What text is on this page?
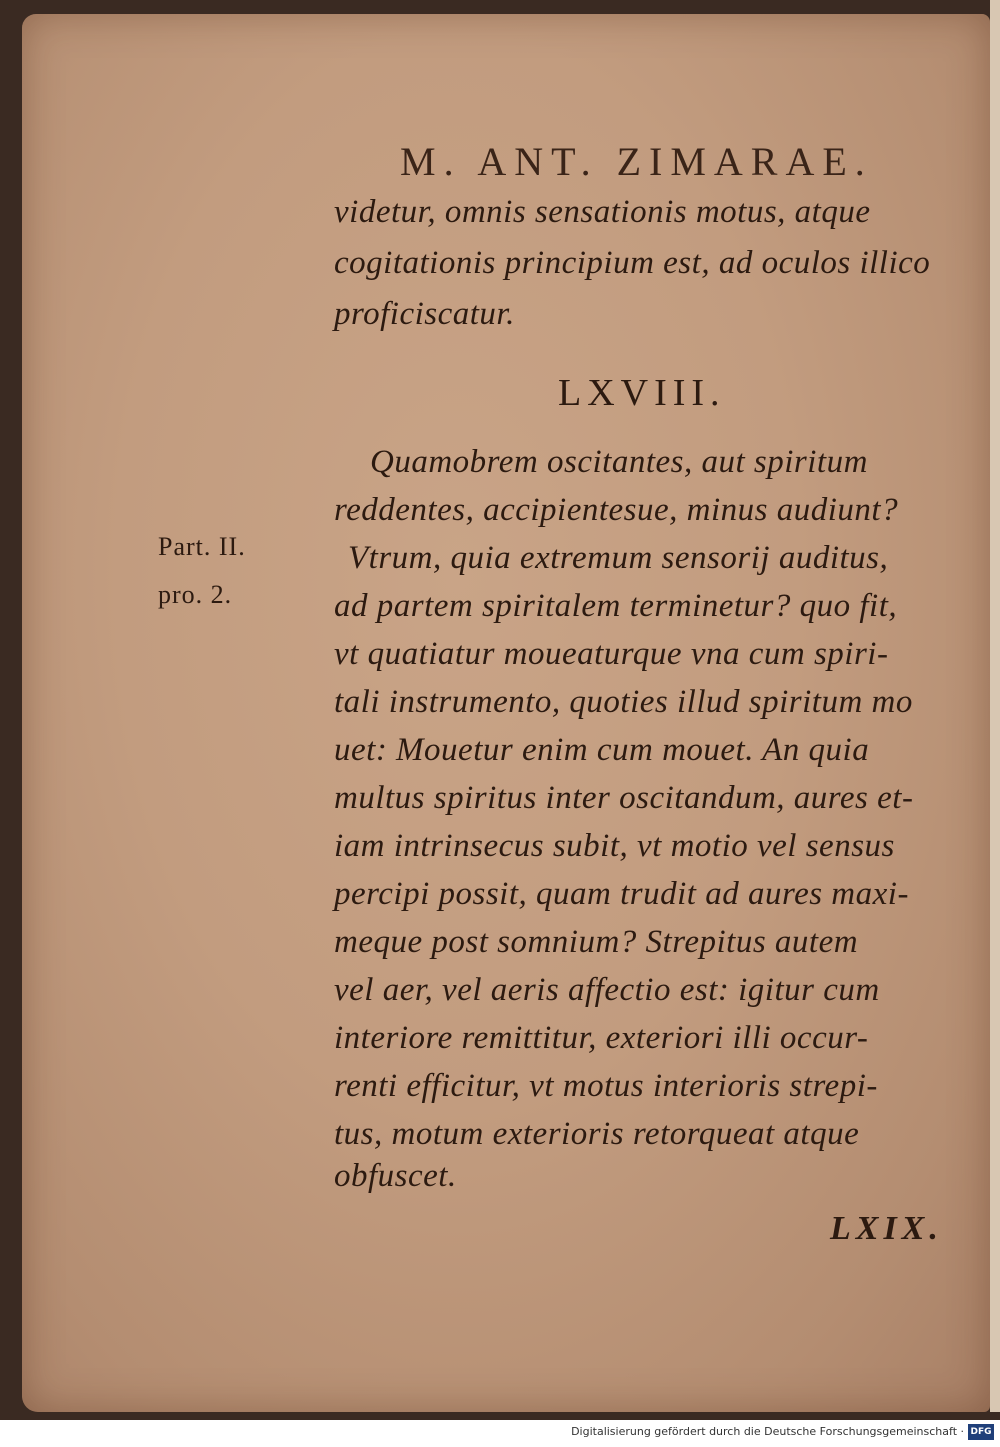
M. ANT. ZIMARAE.
videtur, omnis sensationis motus, atque
cogitationis principium est, ad oculos illico
proficiscatur.
LXVIII.
Quamobrem oscitantes, aut spiritum
reddentes, accipientesue, minus audiunt?
Vtrum, quia extremum sensorij auditus,
ad partem spiritalem terminetur? quo fit,
vt quatiatur moueaturque vna cum spiri-
tali instrumento, quoties illud spiritum mo
uet: Mouetur enim cum mouet. An quia
multus spiritus inter oscitandum, aures et-
iam intrinsecus subit, vt motio vel sensus
percipi possit, quam trudit ad aures maxi-
meque post somnium? Strepitus autem
vel aer, vel aeris affectio est: igitur cum
interiore remittitur, exteriori illi occur-
renti efficitur, vt motus interioris strepi-
tus, motum exterioris retorqueat atque
obfuscet.
Part. II.
pro. 2.
LXIX.
Digitalisierung gefördert durch die Deutsche Forschungsgemeinschaft · DFG
